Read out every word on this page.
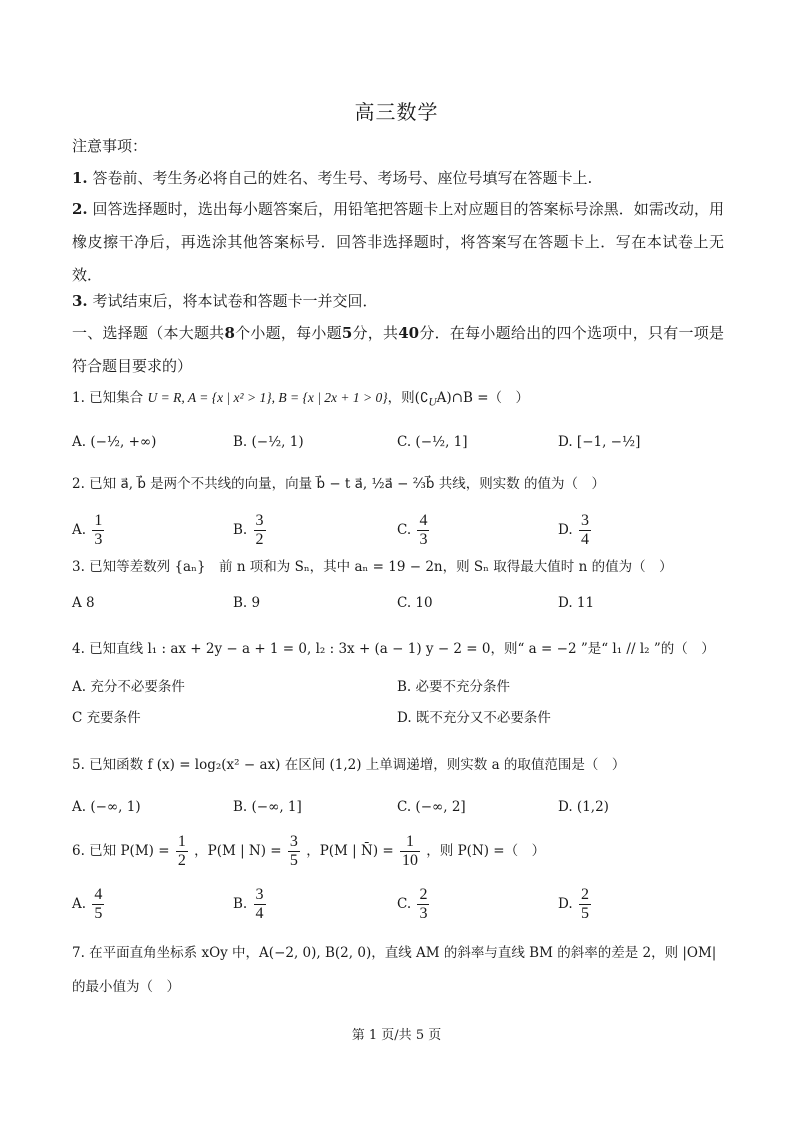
高三数学
注意事项：
1. 答卷前、考生务必将自己的姓名、考生号、考场号、座位号填写在答题卡上.
2. 回答选择题时，选出每小题答案后，用铅笔把答题卡上对应题目的答案标号涂黑．如需改动，用橡皮擦干净后，再选涂其他答案标号．回答非选择题时，将答案写在答题卡上．写在本试卷上无效．
3. 考试结束后，将本试卷和答题卡一并交回．
一、选择题（本大题共8个小题，每小题5分，共40分．在每小题给出的四个选项中，只有一项是符合题目要求的）
1. 已知集合 U = R, A = {x | x² > 1}, B = {x | 2x + 1 > 0}，则$(∁_UA)\cap B$ =（　）
A. (−½, +∞)	B. (−½, 1)	C. (−½, 1]	D. [−1, −½]
2. 已知 a⃗, b⃗ 是两个不共线的向量，向量 b⃗ − t a⃗, ½a⃗ − ⅔b⃗ 共线，则实数 的值为（　）
A. $\frac{1}{3}$	B. $\frac{3}{2}$	C. $\frac{4}{3}$	D. $\frac{3}{4}$
3. 已知等差数列 {aₙ}　前 n 项和为 Sₙ，其中 aₙ = 19 − 2n，则 Sₙ 取得最大值时 n 的值为（　）
A 8	B. 9	C. 10	D. 11
4. 已知直线 l₁ : ax + 2y − a + 1 = 0, l₂ : 3x + (a − 1) y − 2 = 0，则“ a = −2 ”是“ l₁ // l₂ ”的（　）
A. 充分不必要条件	B. 必要不充分条件
C 充要条件	D. 既不充分又不必要条件
5. 已知函数 f (x) = log₂(x² − ax) 在区间 (1,2) 上单调递增，则实数 a 的取值范围是（　）
A. (−∞, 1)	B. (−∞, 1]	C. (−∞, 2]	D. (1,2)
6. 已知 $P(M) = \frac{1}{2}$ ，P(M | $N) = \frac{3}{5}$ ，P(M | N̄) = $\frac{1}{10}$ ，则 P(N) =（　）
A. $\frac{4}{5}$	B. $\frac{3}{4}$	C. $\frac{2}{3}$	D. $\frac{2}{5}$
7. 在平面直角坐标系 xOy 中，A(−2, 0), B(2, 0)，直线 AM 的斜率与直线 BM 的斜率的差是 2，则 |OM|
的最小值为（　）
第 1 页/共 5 页
